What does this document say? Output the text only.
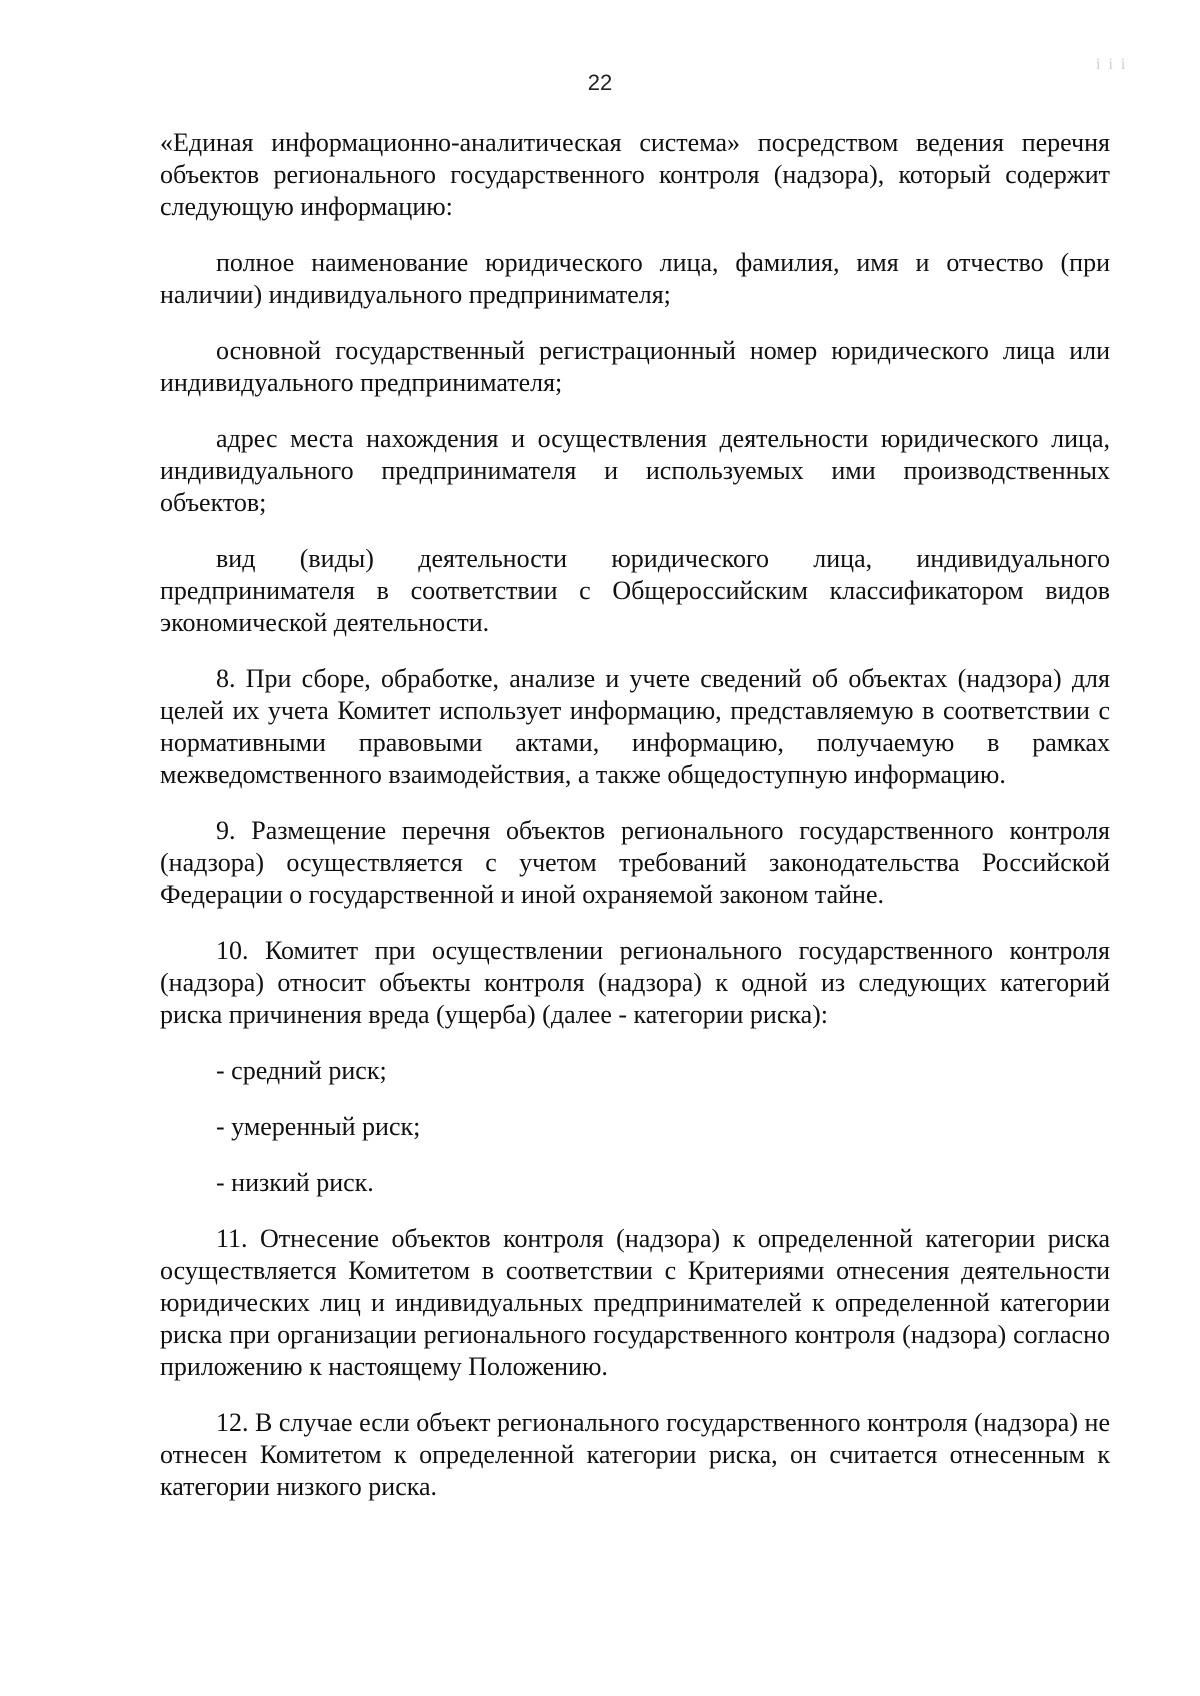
22
і і і

«Единая информационно-аналитическая система» посредством ведения перечня объектов регионального государственного контроля (надзора), который содержит следующую информацию:

полное наименование юридического лица, фамилия, имя и отчество (при наличии) индивидуального предпринимателя;

основной государственный регистрационный номер юридического лица или индивидуального предпринимателя;

адрес места нахождения и осуществления деятельности юридического лица, индивидуального предпринимателя и используемых ими производственных объектов;

вид (виды) деятельности юридического лица, индивидуального предпринимателя в соответствии с Общероссийским классификатором видов экономической деятельности.

8. При сборе, обработке, анализе и учете сведений об объектах (надзора) для целей их учета Комитет использует информацию, представляемую в соответствии с нормативными правовыми актами, информацию, получаемую в рамках межведомственного взаимодействия, а также общедоступную информацию.

9. Размещение перечня объектов регионального государственного контроля (надзора) осуществляется с учетом требований законодательства Российской Федерации о государственной и иной охраняемой законом тайне.

10. Комитет при осуществлении регионального государственного контроля (надзора) относит объекты контроля (надзора) к одной из следующих категорий риска причинения вреда (ущерба) (далее - категории риска):

- средний риск;

- умеренный риск;

- низкий риск.

11. Отнесение объектов контроля (надзора) к определенной категории риска осуществляется Комитетом в соответствии с Критериями отнесения деятельности юридических лиц и индивидуальных предпринимателей к определенной категории риска при организации регионального государственного контроля (надзора) согласно приложению к настоящему Положению.

12. В случае если объект регионального государственного контроля (надзора) не отнесен Комитетом к определенной категории риска, он считается отнесенным к категории низкого риска.
